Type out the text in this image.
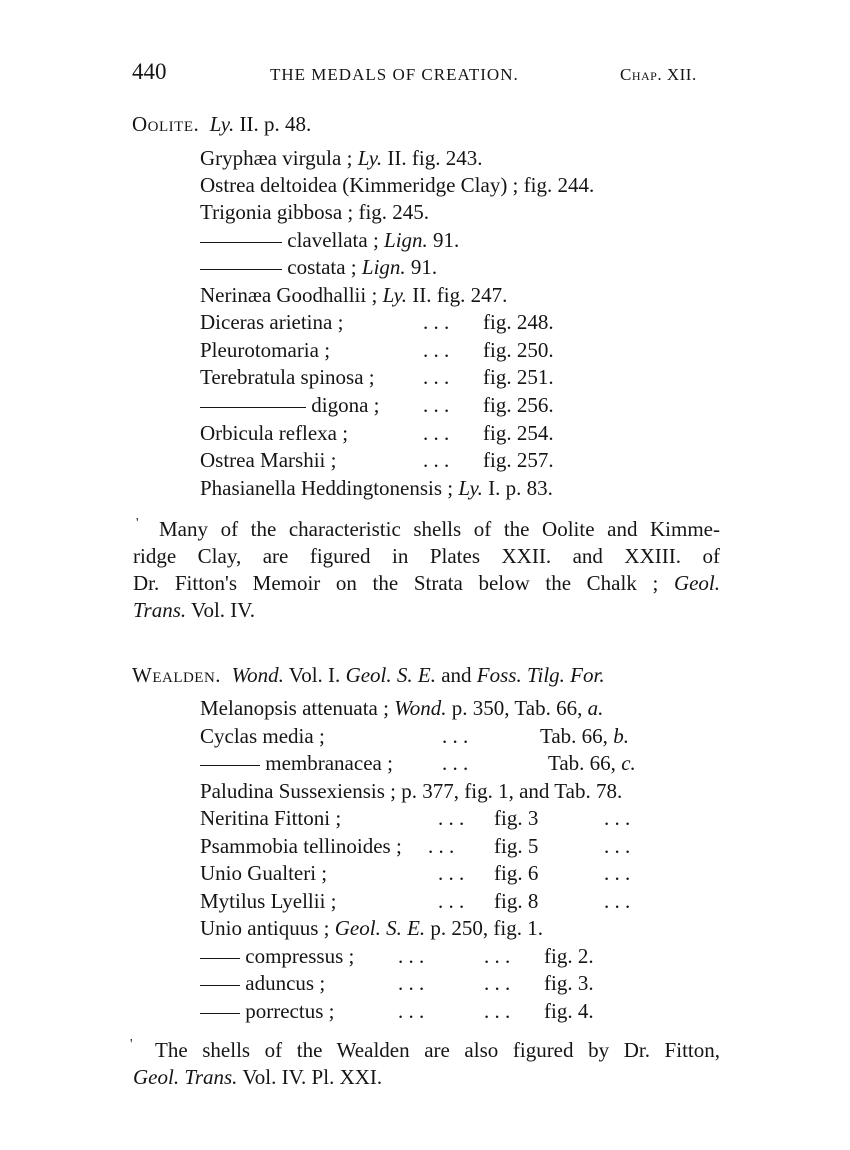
440	THE MEDALS OF CREATION.	Chap. XII.
Oolite. Ly. II. p. 48.
Gryphæa virgula ; Ly. II. fig. 243.
Ostrea deltoidea (Kimmeridge Clay) ; fig. 244.
Trigonia gibbosa ; fig. 245.
clavellata ; Lign. 91.
costata ; Lign. 91.
Nerinæa Goodhallii ; Ly. II. fig. 247.
Diceras arietina ;	. . . fig. 248.
Pleurotomaria ;	. . . fig. 250.
Terebratula spinosa ; . . . fig. 251.
digona ; . . . fig. 256.
Orbicula reflexa ;	. . . fig. 254.
Ostrea Marshii ;	. . . fig. 257.
Phasianella Heddingtonensis ; Ly. I. p. 83.
' Many of the characteristic shells of the Oolite and Kimme-
ridge Clay, are figured in Plates XXII. and XXIII. of
Dr. Fitton's Memoir on the Strata below the Chalk ; Geol.
Trans. Vol. IV.
Wealden. Wond. Vol. I. Geol. S. E. and Foss. Tilg. For.
Melanopsis attenuata ; Wond. p. 350, Tab. 66, a.
Cyclas media ;	. . .	Tab. 66, b.
membranacea ; . . .	Tab. 66, c.
Paludina Sussexiensis ; p. 377, fig. 1, and Tab. 78.
Neritina Fittoni ;	. . . fig. 3	. . .
Psammobia tellinoides ; . . . fig. 5	. . .
Unio Gualteri ;	. . . fig. 6	. . .
Mytilus Lyellii ;	. . . fig. 8	. . .
Unio antiquus ; Geol. S. E. p. 250, fig. 1.
compressus ; . . .	. . . fig. 2.
aduncus ;	. . .	. . . fig. 3.
porrectus ;	. . .	. . . fig. 4.
'	The shells of the Wealden are also figured by Dr. Fitton,
Geol. Trans. Vol. IV. Pl. XXI.
